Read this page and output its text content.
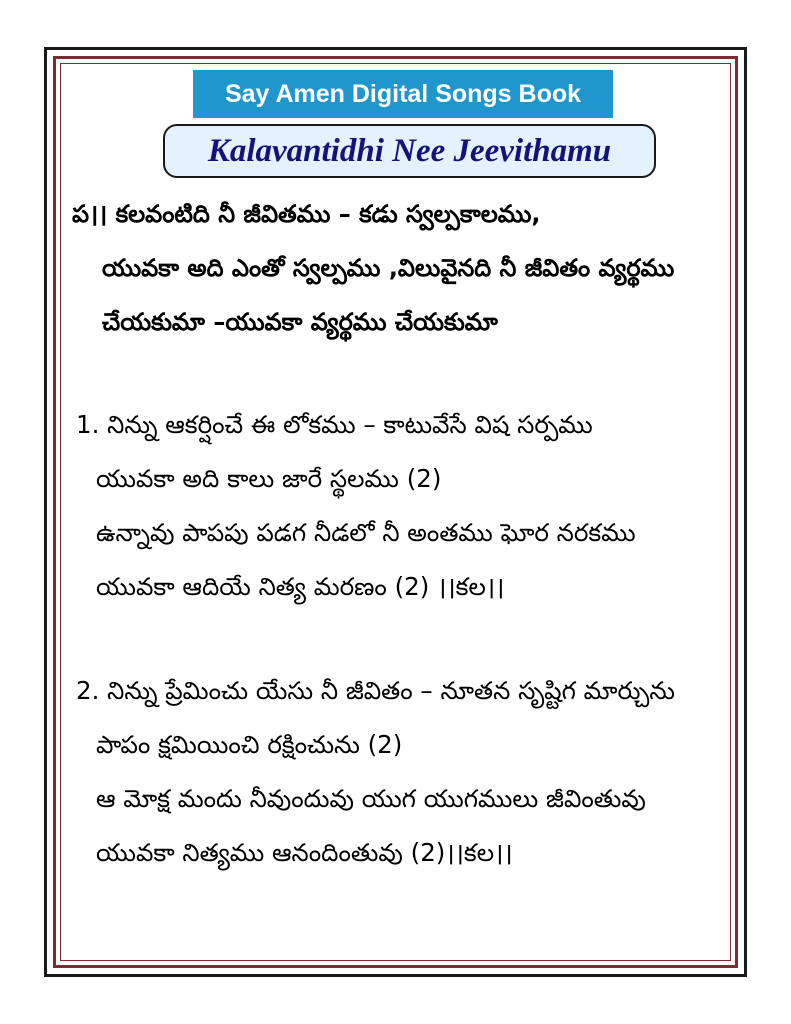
Say Amen Digital Songs Book
Kalavantidhi Nee Jeevithamu
ప।। కలవంటిది నీ జీవితము – కడు స్వల్పకాలము,
యువకా అది ఎంతో స్వల్పము ,విలువైనది నీ జీవితం వ్యర్థము
చేయకుమా –యువకా వ్యర్థము చేయకుమా
1. నిన్ను ఆకర్షించే ఈ లోకము – కాటువేసే విష సర్పము
యువకా అది కాలు జారే స్థలము (2)
ఉన్నావు పాపపు పడగ నీడలో నీ అంతము ఘోర నరకము
యువకా ఆదియే నిత్య మరణం (2) ।।కల।।
2. నిన్ను ప్రేమించు యేసు నీ జీవితం – నూతన సృష్టిగ మార్చును
పాపం క్షమియించి రక్షించును (2)
ఆ మోక్ష మందు నీవుందువు యుగ యుగములు జీవింతువు
యువకా నిత్యము ఆనందింతువు (2)।।కల।।
